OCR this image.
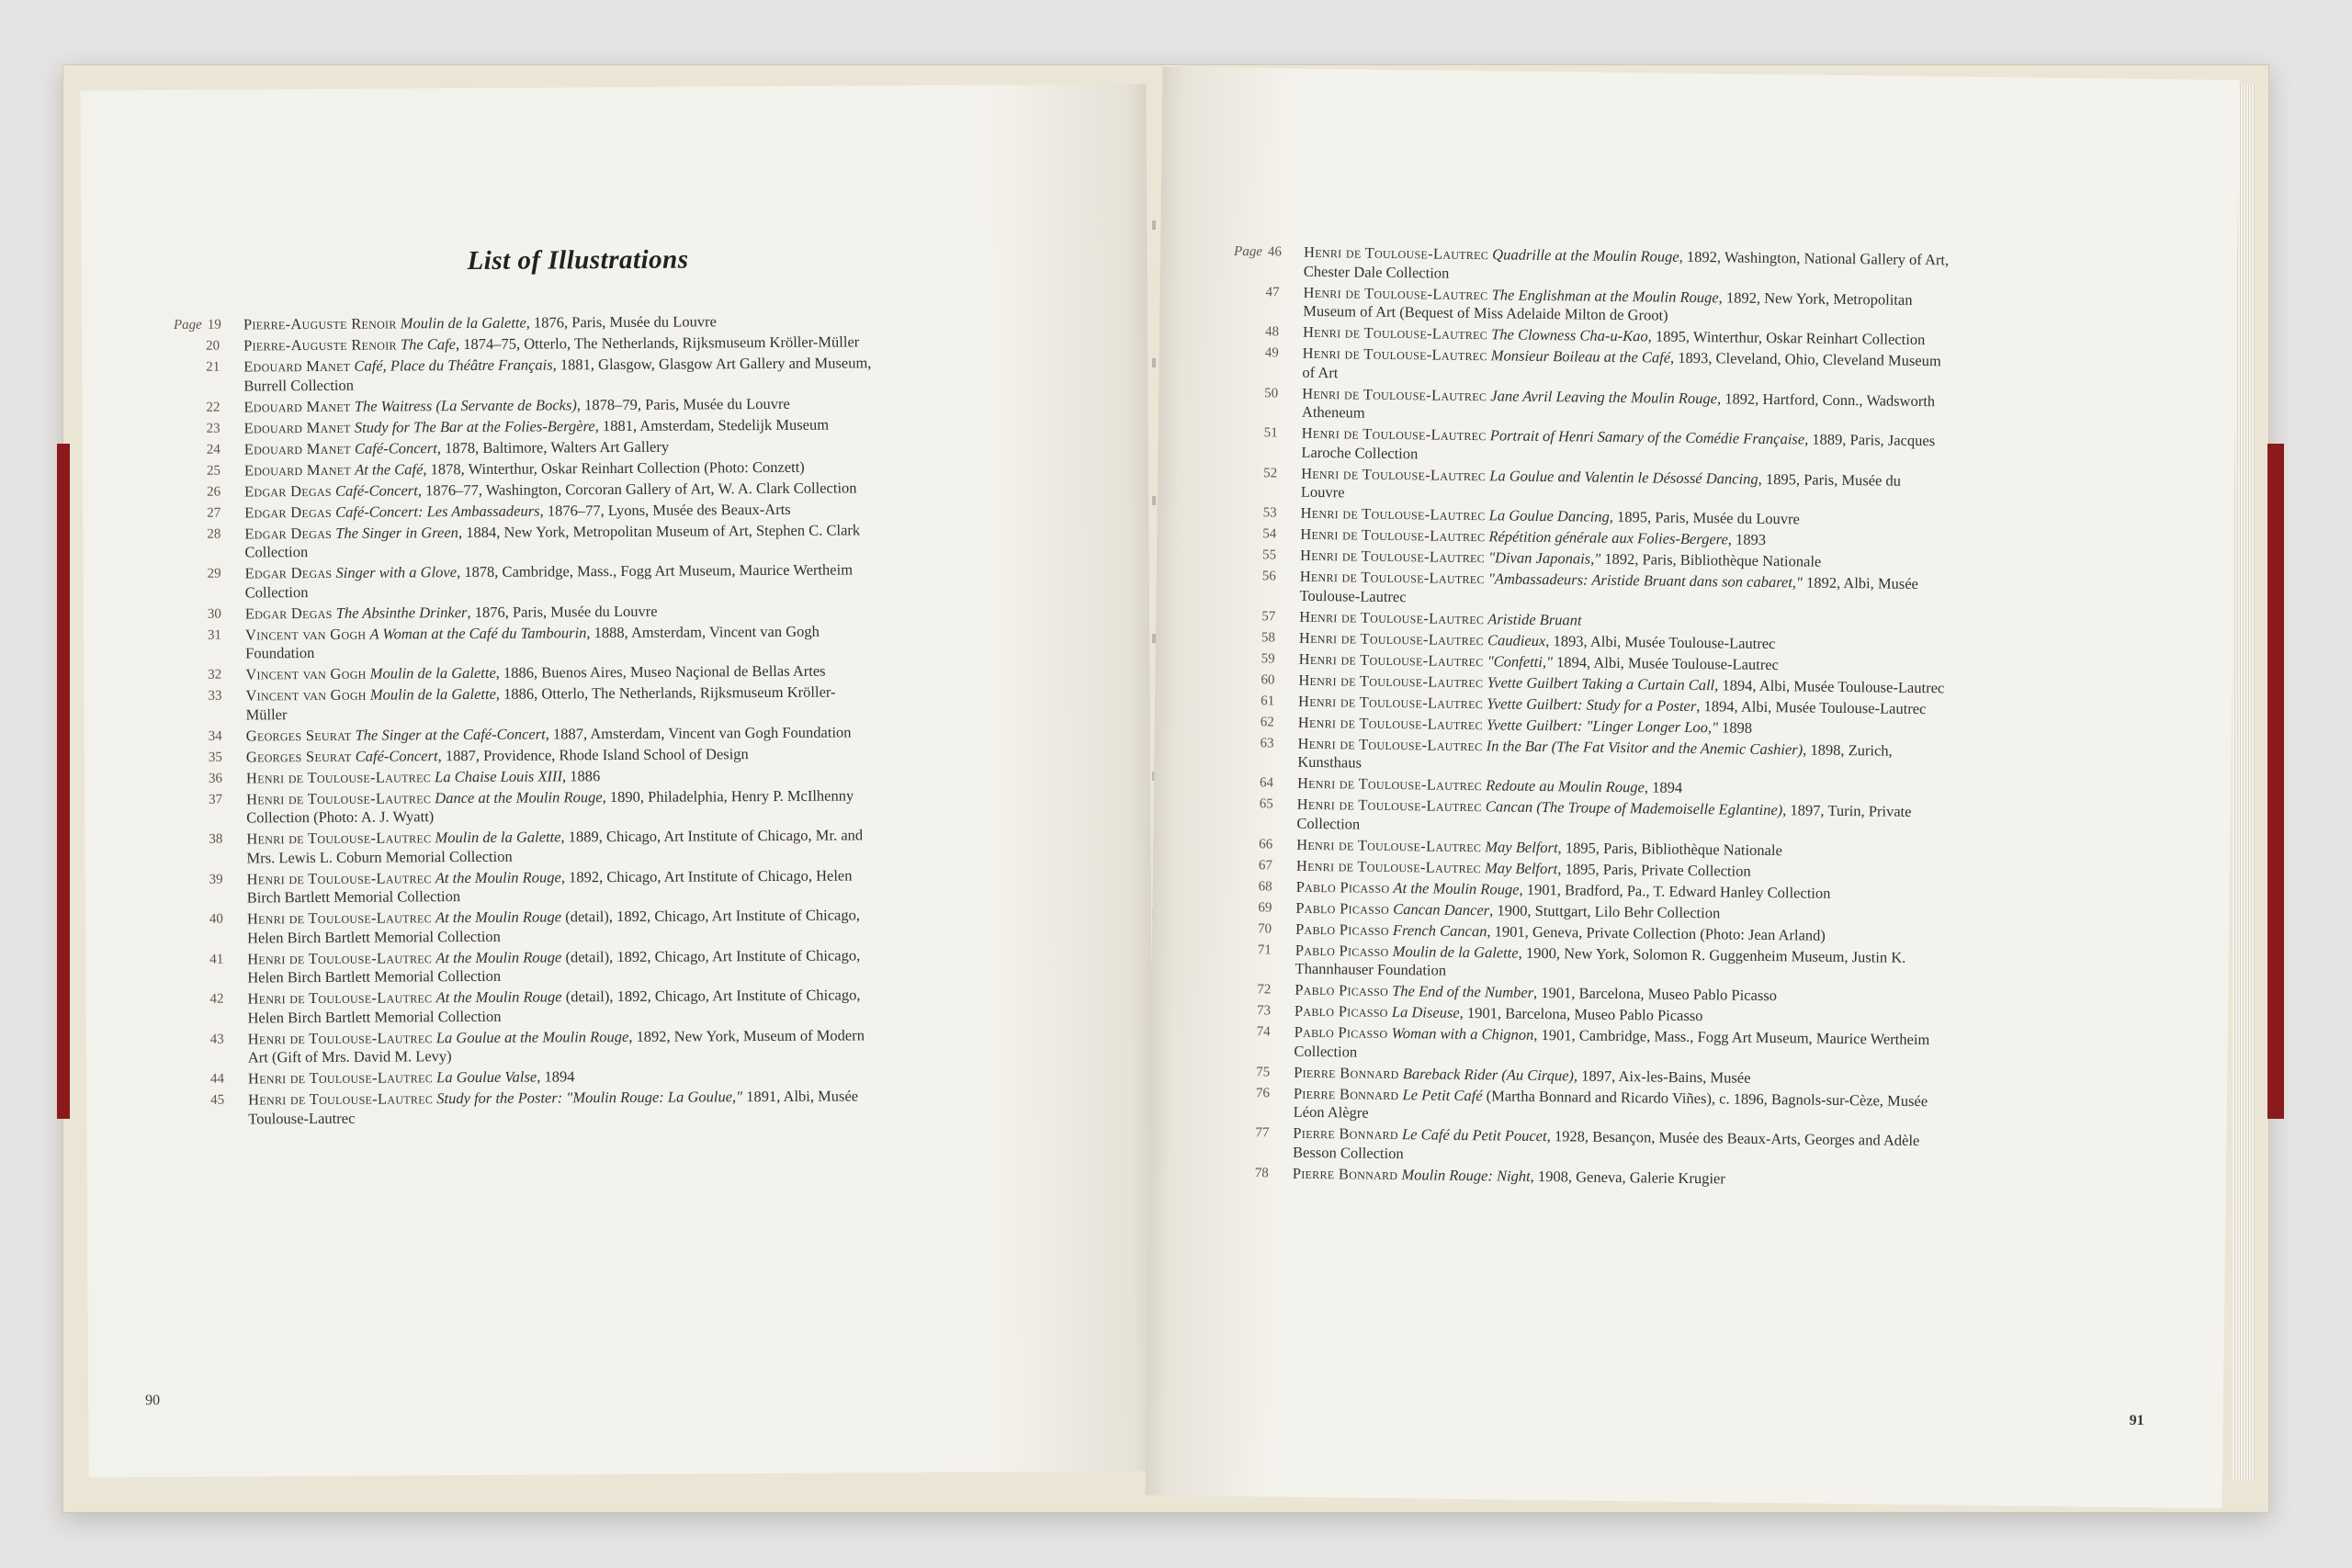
List of Illustrations
Page 19	Pierre-Auguste Renoir Moulin de la Galette, 1876, Paris, Musée du Louvre
20	Pierre-Auguste Renoir The Cafe, 1874–75, Otterlo, The Netherlands, Rijksmuseum Kröller-Müller
21	Edouard Manet Café, Place du Théâtre Français, 1881, Glasgow, Glasgow Art Gallery and Museum, Burrell Collection
22	Edouard Manet The Waitress (La Servante de Bocks), 1878–79, Paris, Musée du Louvre
23	Edouard Manet Study for The Bar at the Folies-Bergère, 1881, Amsterdam, Stedelijk Museum
24	Edouard Manet Café-Concert, 1878, Baltimore, Walters Art Gallery
25	Edouard Manet At the Café, 1878, Winterthur, Oskar Reinhart Collection (Photo: Conzett)
26	Edgar Degas Café-Concert, 1876–77, Washington, Corcoran Gallery of Art, W. A. Clark Collection
27	Edgar Degas Café-Concert: Les Ambassadeurs, 1876–77, Lyons, Musée des Beaux-Arts
28	Edgar Degas The Singer in Green, 1884, New York, Metropolitan Museum of Art, Stephen C. Clark Collection
29	Edgar Degas Singer with a Glove, 1878, Cambridge, Mass., Fogg Art Museum, Maurice Wertheim Collection
30	Edgar Degas The Absinthe Drinker, 1876, Paris, Musée du Louvre
31	Vincent van Gogh A Woman at the Café du Tambourin, 1888, Amsterdam, Vincent van Gogh Foundation
32	Vincent van Gogh Moulin de la Galette, 1886, Buenos Aires, Museo Naçional de Bellas Artes
33	Vincent van Gogh Moulin de la Galette, 1886, Otterlo, The Netherlands, Rijksmuseum Kröller-Müller
34	Georges Seurat The Singer at the Café-Concert, 1887, Amsterdam, Vincent van Gogh Foundation
35	Georges Seurat Café-Concert, 1887, Providence, Rhode Island School of Design
36	Henri de Toulouse-Lautrec La Chaise Louis XIII, 1886
37	Henri de Toulouse-Lautrec Dance at the Moulin Rouge, 1890, Philadelphia, Henry P. McIlhenny Collection (Photo: A. J. Wyatt)
38	Henri de Toulouse-Lautrec Moulin de la Galette, 1889, Chicago, Art Institute of Chicago, Mr. and Mrs. Lewis L. Coburn Memorial Collection
39	Henri de Toulouse-Lautrec At the Moulin Rouge, 1892, Chicago, Art Institute of Chicago, Helen Birch Bartlett Memorial Collection
40	Henri de Toulouse-Lautrec At the Moulin Rouge (detail), 1892, Chicago, Art Institute of Chicago, Helen Birch Bartlett Memorial Collection
41	Henri de Toulouse-Lautrec At the Moulin Rouge (detail), 1892, Chicago, Art Institute of Chicago, Helen Birch Bartlett Memorial Collection
42	Henri de Toulouse-Lautrec At the Moulin Rouge (detail), 1892, Chicago, Art Institute of Chicago, Helen Birch Bartlett Memorial Collection
43	Henri de Toulouse-Lautrec La Goulue at the Moulin Rouge, 1892, New York, Museum of Modern Art (Gift of Mrs. David M. Levy)
44	Henri de Toulouse-Lautrec La Goulue Valse, 1894
45	Henri de Toulouse-Lautrec Study for the Poster: "Moulin Rouge: La Goulue," 1891, Albi, Musée Toulouse-Lautrec
90
Page 46	Henri de Toulouse-Lautrec Quadrille at the Moulin Rouge, 1892, Washington, National Gallery of Art, Chester Dale Collection
47	Henri de Toulouse-Lautrec The Englishman at the Moulin Rouge, 1892, New York, Metropolitan Museum of Art (Bequest of Miss Adelaide Milton de Groot)
48	Henri de Toulouse-Lautrec The Clowness Cha-u-Kao, 1895, Winterthur, Oskar Reinhart Collection
49	Henri de Toulouse-Lautrec Monsieur Boileau at the Café, 1893, Cleveland, Ohio, Cleveland Museum of Art
50	Henri de Toulouse-Lautrec Jane Avril Leaving the Moulin Rouge, 1892, Hartford, Conn., Wadsworth Atheneum
51	Henri de Toulouse-Lautrec Portrait of Henri Samary of the Comédie Française, 1889, Paris, Jacques Laroche Collection
52	Henri de Toulouse-Lautrec La Goulue and Valentin le Désossé Dancing, 1895, Paris, Musée du Louvre
53	Henri de Toulouse-Lautrec La Goulue Dancing, 1895, Paris, Musée du Louvre
54	Henri de Toulouse-Lautrec Répétition générale aux Folies-Bergere, 1893
55	Henri de Toulouse-Lautrec "Divan Japonais," 1892, Paris, Bibliothèque Nationale
56	Henri de Toulouse-Lautrec "Ambassadeurs: Aristide Bruant dans son cabaret," 1892, Albi, Musée Toulouse-Lautrec
57	Henri de Toulouse-Lautrec Aristide Bruant
58	Henri de Toulouse-Lautrec Caudieux, 1893, Albi, Musée Toulouse-Lautrec
59	Henri de Toulouse-Lautrec "Confetti," 1894, Albi, Musée Toulouse-Lautrec
60	Henri de Toulouse-Lautrec Yvette Guilbert Taking a Curtain Call, 1894, Albi, Musée Toulouse-Lautrec
61	Henri de Toulouse-Lautrec Yvette Guilbert: Study for a Poster, 1894, Albi, Musée Toulouse-Lautrec
62	Henri de Toulouse-Lautrec Yvette Guilbert: "Linger Longer Loo," 1898
63	Henri de Toulouse-Lautrec In the Bar (The Fat Visitor and the Anemic Cashier), 1898, Zurich, Kunsthaus
64	Henri de Toulouse-Lautrec Redoute au Moulin Rouge, 1894
65	Henri de Toulouse-Lautrec Cancan (The Troupe of Mademoiselle Eglantine), 1897, Turin, Private Collection
66	Henri de Toulouse-Lautrec May Belfort, 1895, Paris, Bibliothèque Nationale
67	Henri de Toulouse-Lautrec May Belfort, 1895, Paris, Private Collection
68	Pablo Picasso At the Moulin Rouge, 1901, Bradford, Pa., T. Edward Hanley Collection
69	Pablo Picasso Cancan Dancer, 1900, Stuttgart, Lilo Behr Collection
70	Pablo Picasso French Cancan, 1901, Geneva, Private Collection (Photo: Jean Arland)
71	Pablo Picasso Moulin de la Galette, 1900, New York, Solomon R. Guggenheim Museum, Justin K. Thannhauser Foundation
72	Pablo Picasso The End of the Number, 1901, Barcelona, Museo Pablo Picasso
73	Pablo Picasso La Diseuse, 1901, Barcelona, Museo Pablo Picasso
74	Pablo Picasso Woman with a Chignon, 1901, Cambridge, Mass., Fogg Art Museum, Maurice Wertheim Collection
75	Pierre Bonnard Bareback Rider (Au Cirque), 1897, Aix-les-Bains, Musée
76	Pierre Bonnard Le Petit Café (Martha Bonnard and Ricardo Viñes), c. 1896, Bagnols-sur-Cèze, Musée Léon Alègre
77	Pierre Bonnard Le Café du Petit Poucet, 1928, Besançon, Musée des Beaux-Arts, Georges and Adèle Besson Collection
78	Pierre Bonnard Moulin Rouge: Night, 1908, Geneva, Galerie Krugier
91
